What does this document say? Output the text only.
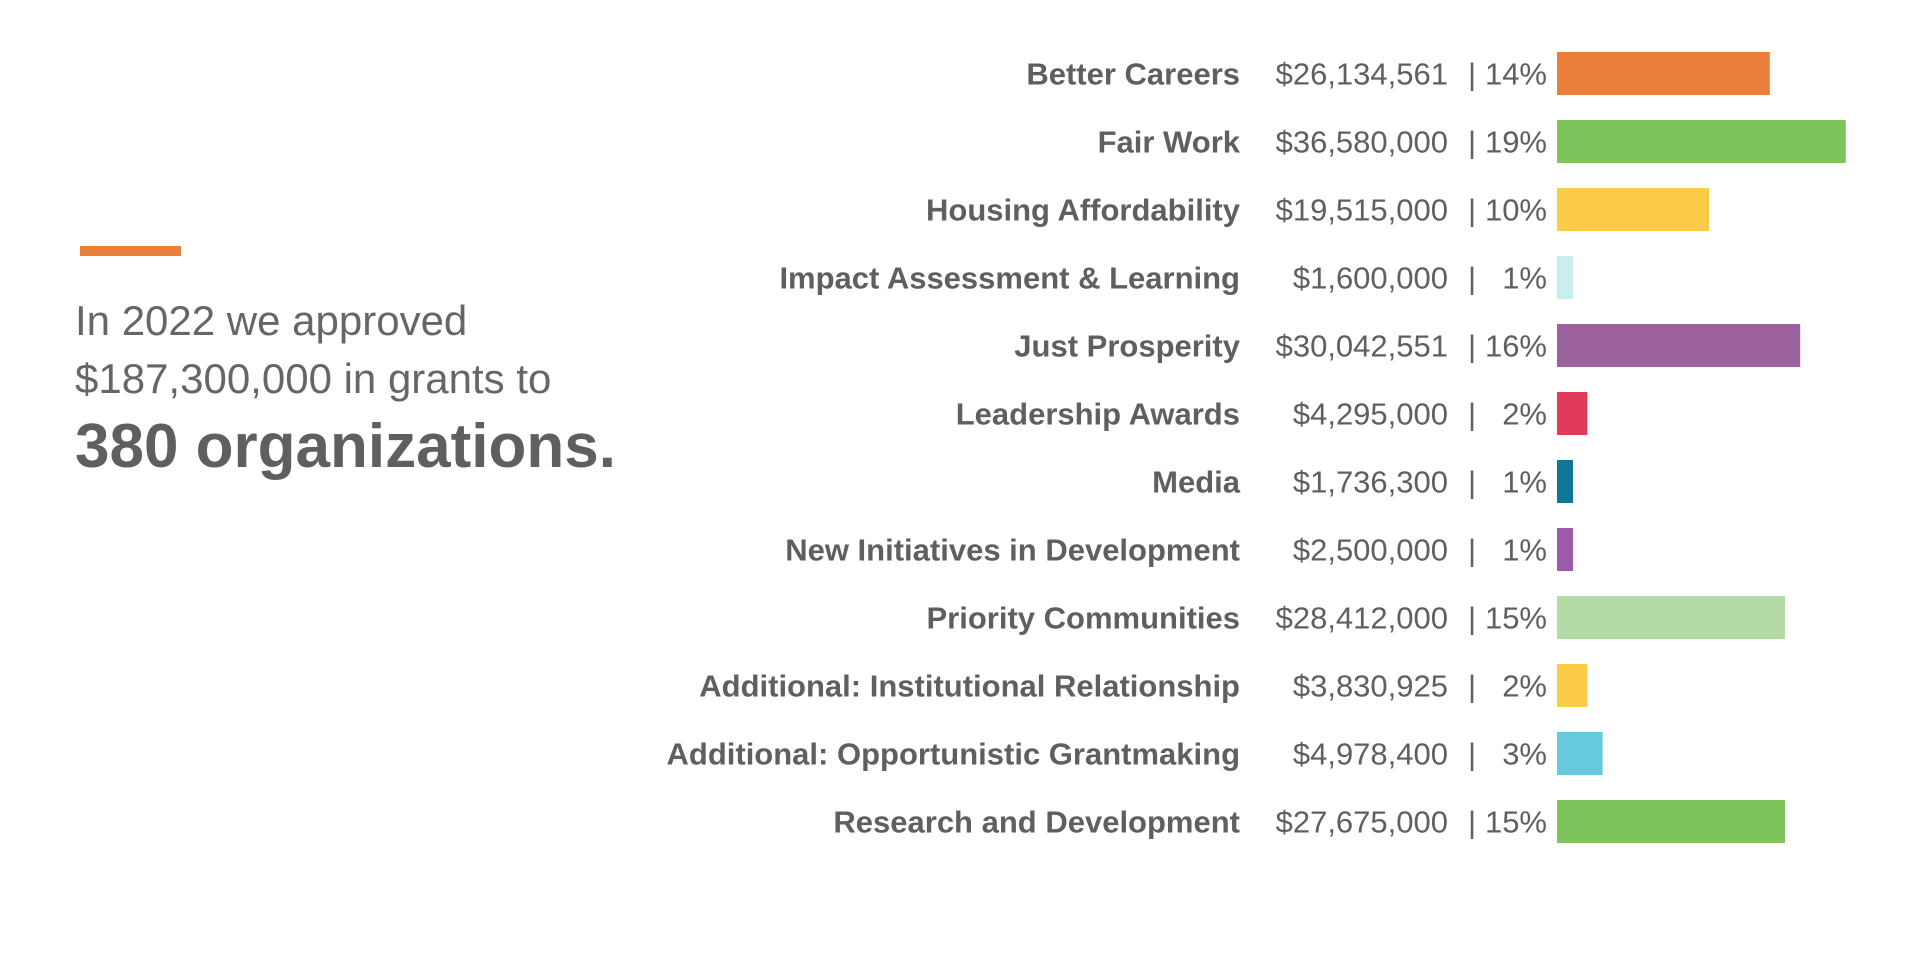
In 2022 we approved
$187,300,000 in grants to
380 organizations.
Better Careers $26,134,561 | 14%
Fair Work $36,580,000 | 19%
Housing Affordability $19,515,000 | 10%
Impact Assessment & Learning $1,600,000 | 1%
Just Prosperity $30,042,551 | 16%
Leadership Awards $4,295,000 | 2%
Media $1,736,300 | 1%
New Initiatives in Development $2,500,000 | 1%
Priority Communities $28,412,000 | 15%
Additional: Institutional Relationship $3,830,925 | 2%
Additional: Opportunistic Grantmaking $4,978,400 | 3%
Research and Development $27,675,000 | 15%
